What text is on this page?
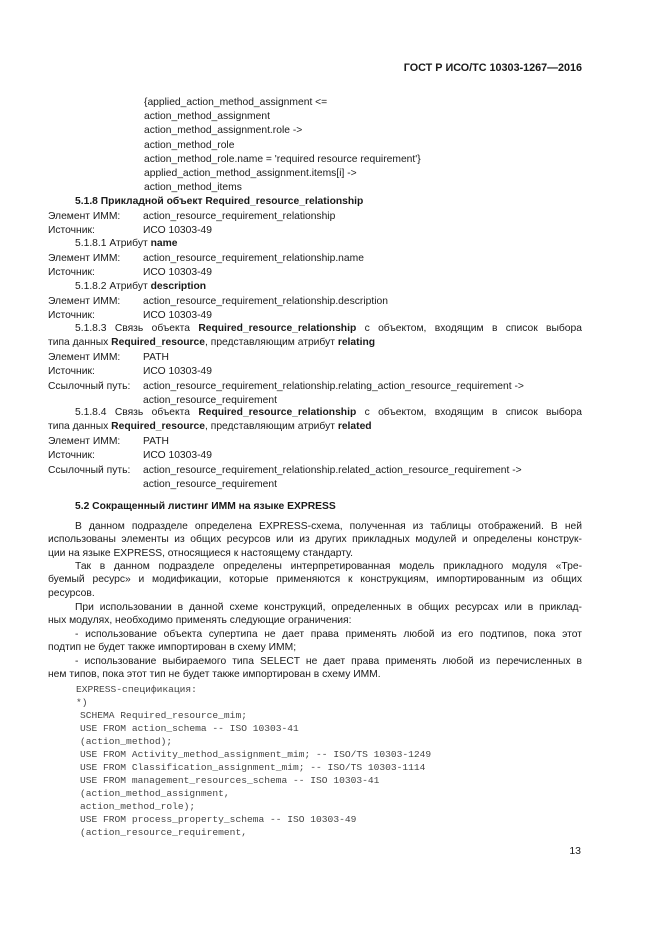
ГОСТ Р ИСО/ТС 10303-1267—2016
{applied_action_method_assignment <=
action_method_assignment
action_method_assignment.role ->
action_method_role
action_method_role.name = 'required resource requirement'}
applied_action_method_assignment.items[i] ->
action_method_items
5.1.8 Прикладной объект Required_resource_relationship
Элемент ИММ: action_resource_requirement_relationship
Источник:	ИСО 10303-49
5.1.8.1 Атрибут name
Элемент ИММ: action_resource_requirement_relationship.name
Источник:	ИСО 10303-49
5.1.8.2 Атрибут description
Элемент ИММ: action_resource_requirement_relationship.description
Источник:	ИСО 10303-49
5.1.8.3 Связь объекта Required_resource_relationship с объектом, входящим в список выбора
типа данных Required_resource, представляющим атрибут relating
Элемент ИММ: PATH
Источник:	ИСО 10303-49
Ссылочный путь: action_resource_requirement_relationship.relating_action_resource_requirement ->
action_resource_requirement
5.1.8.4 Связь объекта Required_resource_relationship с объектом, входящим в список выбора
типа данных Required_resource, представляющим атрибут related
Элемент ИММ: PATH
Источник:	ИСО 10303-49
Ссылочный путь: action_resource_requirement_relationship.related_action_resource_requirement ->
action_resource_requirement
5.2 Сокращенный листинг ИММ на языке EXPRESS
В данном подразделе определена EXPRESS-схема, полученная из таблицы отображений. В ней
использованы элементы из общих ресурсов или из других прикладных модулей и определены конструк-
ции на языке EXPRESS, относящиеся к настоящему стандарту.
Так в данном подразделе определены интерпретированная модель прикладного модуля «Тре-
буемый ресурс» и модификации, которые применяются к конструкциям, импортированным из общих
ресурсов.
При использовании в данной схеме конструкций, определенных в общих ресурсах или в приклад-
ных модулях, необходимо применять следующие ограничения:
- использование объекта супертипа не дает права применять любой из его подтипов, пока этот
подтип не будет также импортирован в схему ИММ;
- использование выбираемого типа SELECT не дает права применять любой из перечисленных в
нем типов, пока этот тип не будет также импортирован в схему ИММ.
EXPRESS-спецификация:
*)
SCHEMA Required_resource_mim;
USE FROM action_schema -- ISO 10303-41
(action_method);
USE FROM Activity_method_assignment_mim; -- ISO/TS 10303-1249
USE FROM Classification_assignment_mim; -- ISO/TS 10303-1114
USE FROM management_resources_schema -- ISO 10303-41
(action_method_assignment,
action_method_role);
USE FROM process_property_schema -- ISO 10303-49
(action_resource_requirement,
13
